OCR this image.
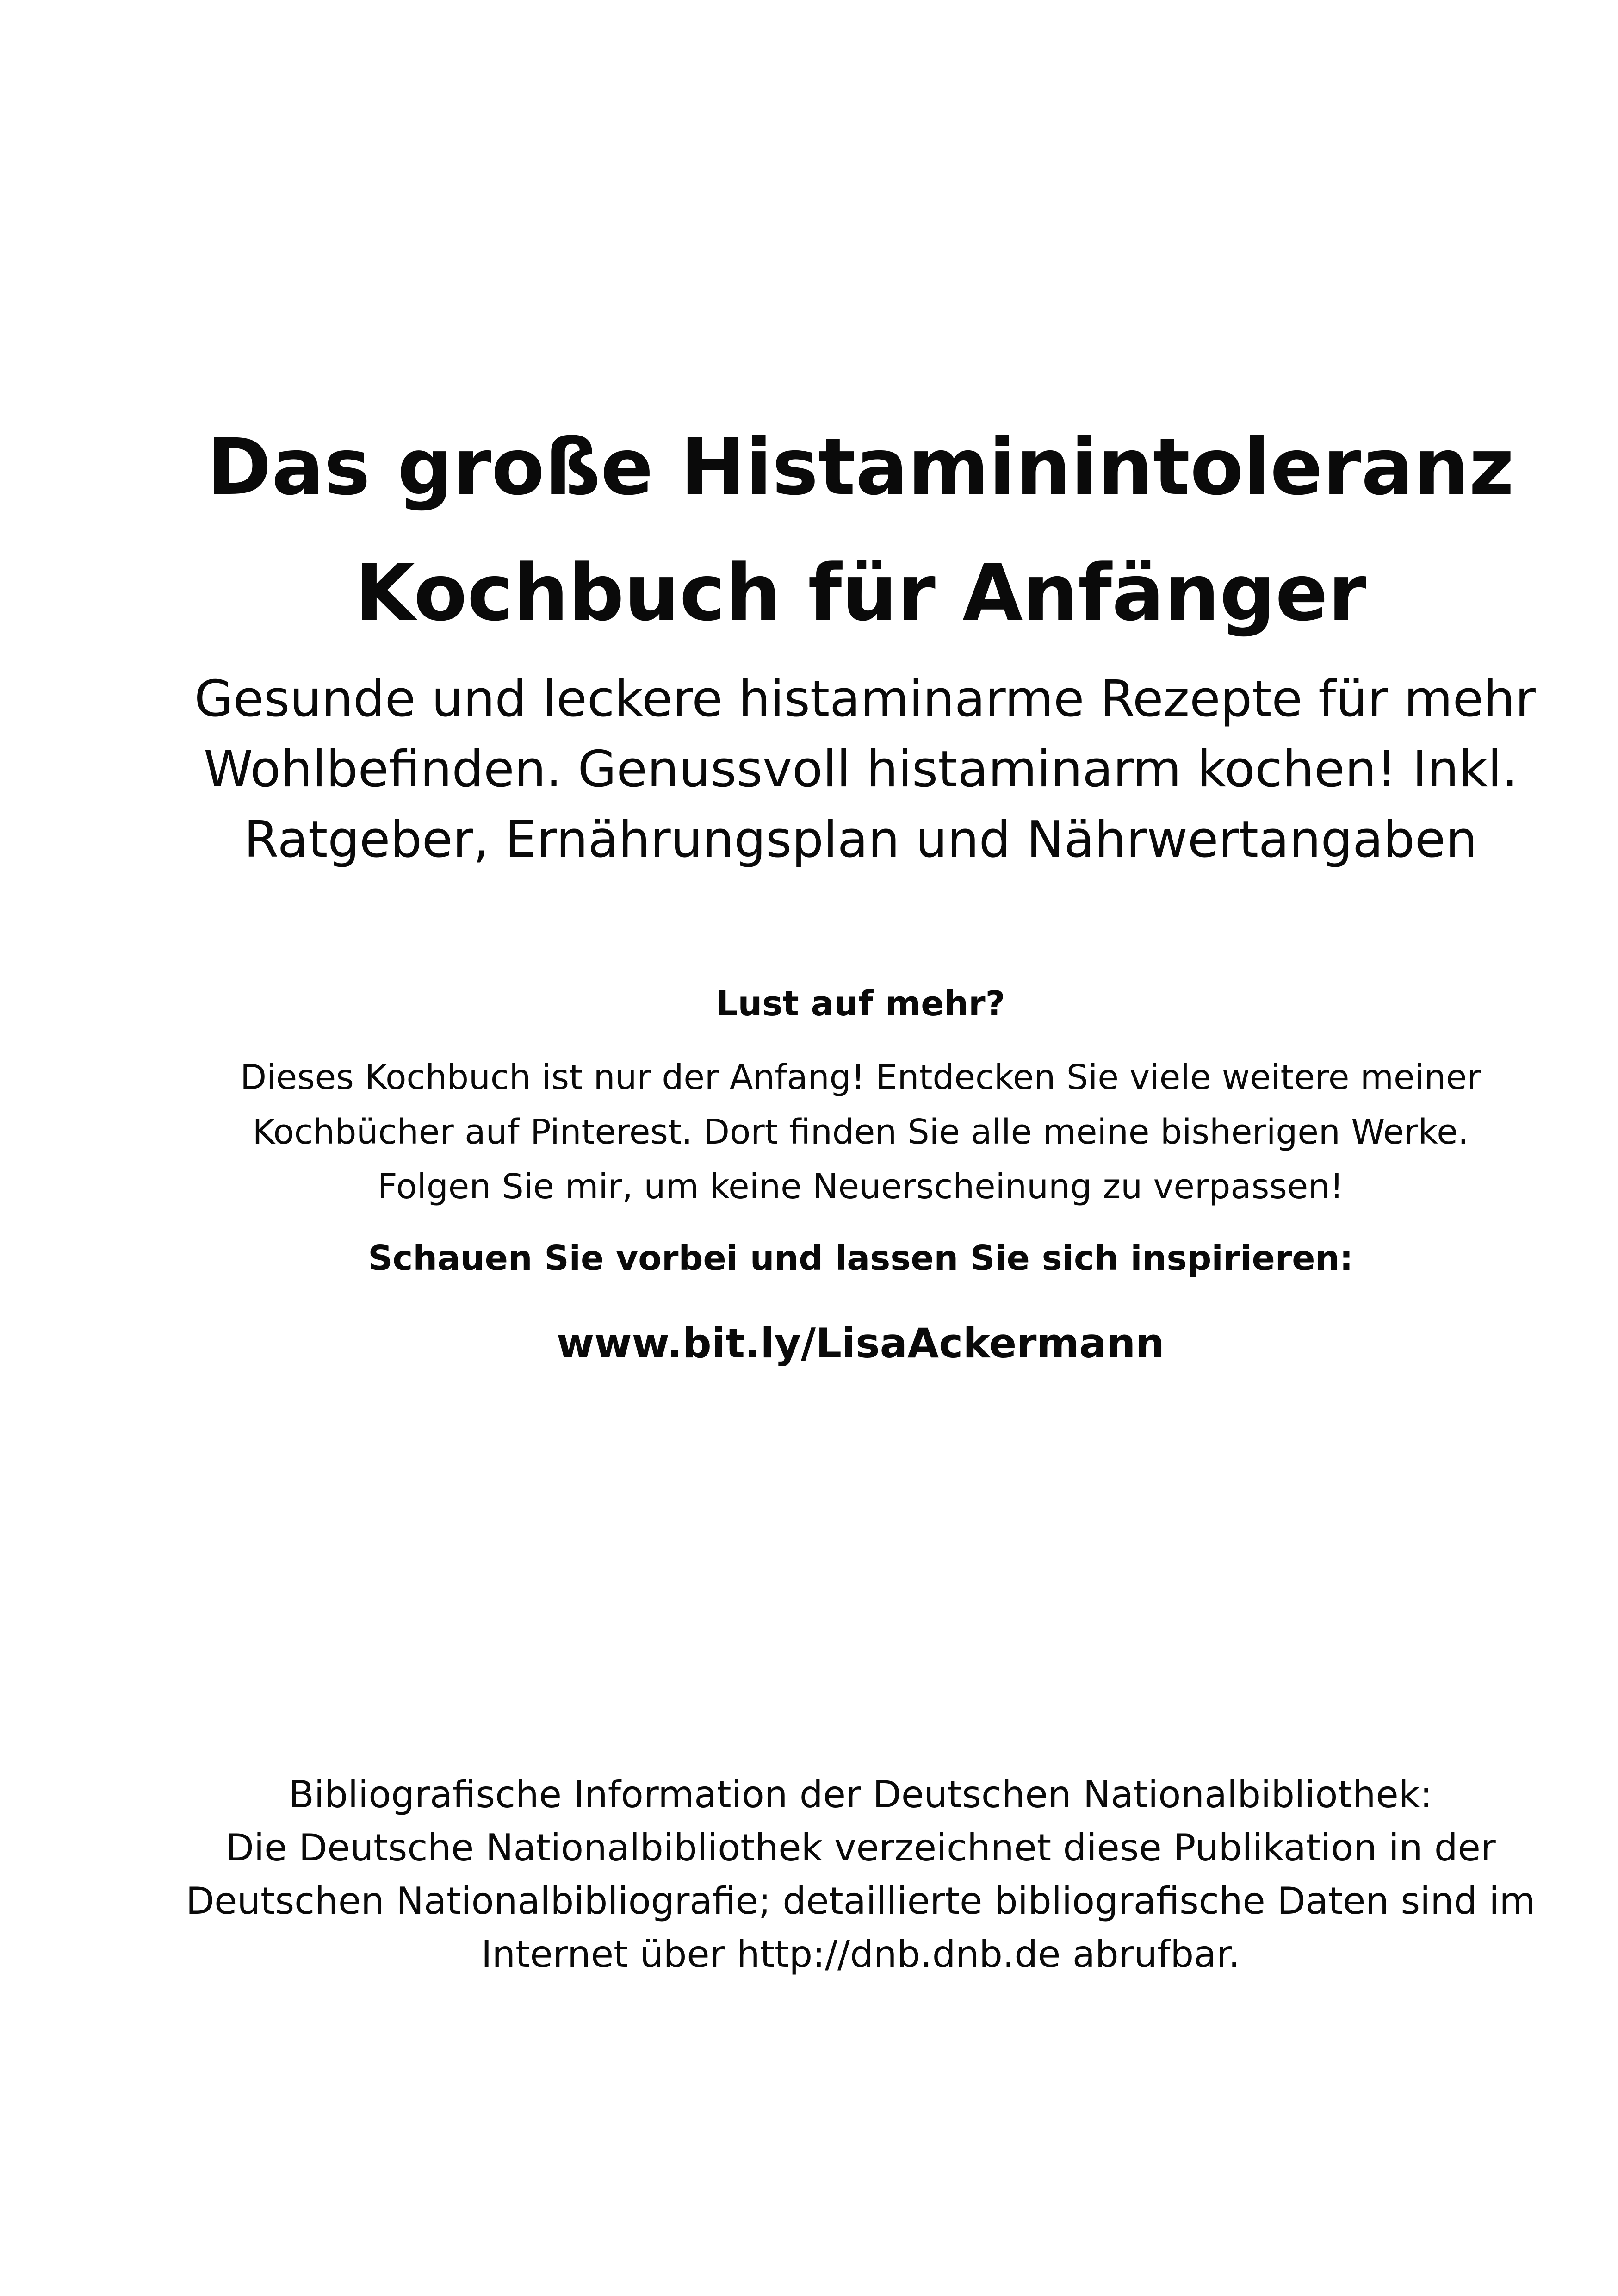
Das große Histaminintoleranz
Kochbuch für Anfänger
Gesunde und leckere histaminarme Rezepte für mehr
Wohlbefinden. Genussvoll histaminarm kochen! Inkl.
Ratgeber, Ernährungsplan und Nährwertangaben

Lust auf mehr?

Dieses Kochbuch ist nur der Anfang! Entdecken Sie viele weitere meiner
Kochbücher auf Pinterest. Dort finden Sie alle meine bisherigen Werke.
Folgen Sie mir, um keine Neuerscheinung zu verpassen!

Schauen Sie vorbei und lassen Sie sich inspirieren:

www.bit.ly/LisaAckermann

Bibliografische Information der Deutschen Nationalbibliothek:
Die Deutsche Nationalbibliothek verzeichnet diese Publikation in der
Deutschen Nationalbibliografie; detaillierte bibliografische Daten sind im
Internet über http://dnb.dnb.de abrufbar.
